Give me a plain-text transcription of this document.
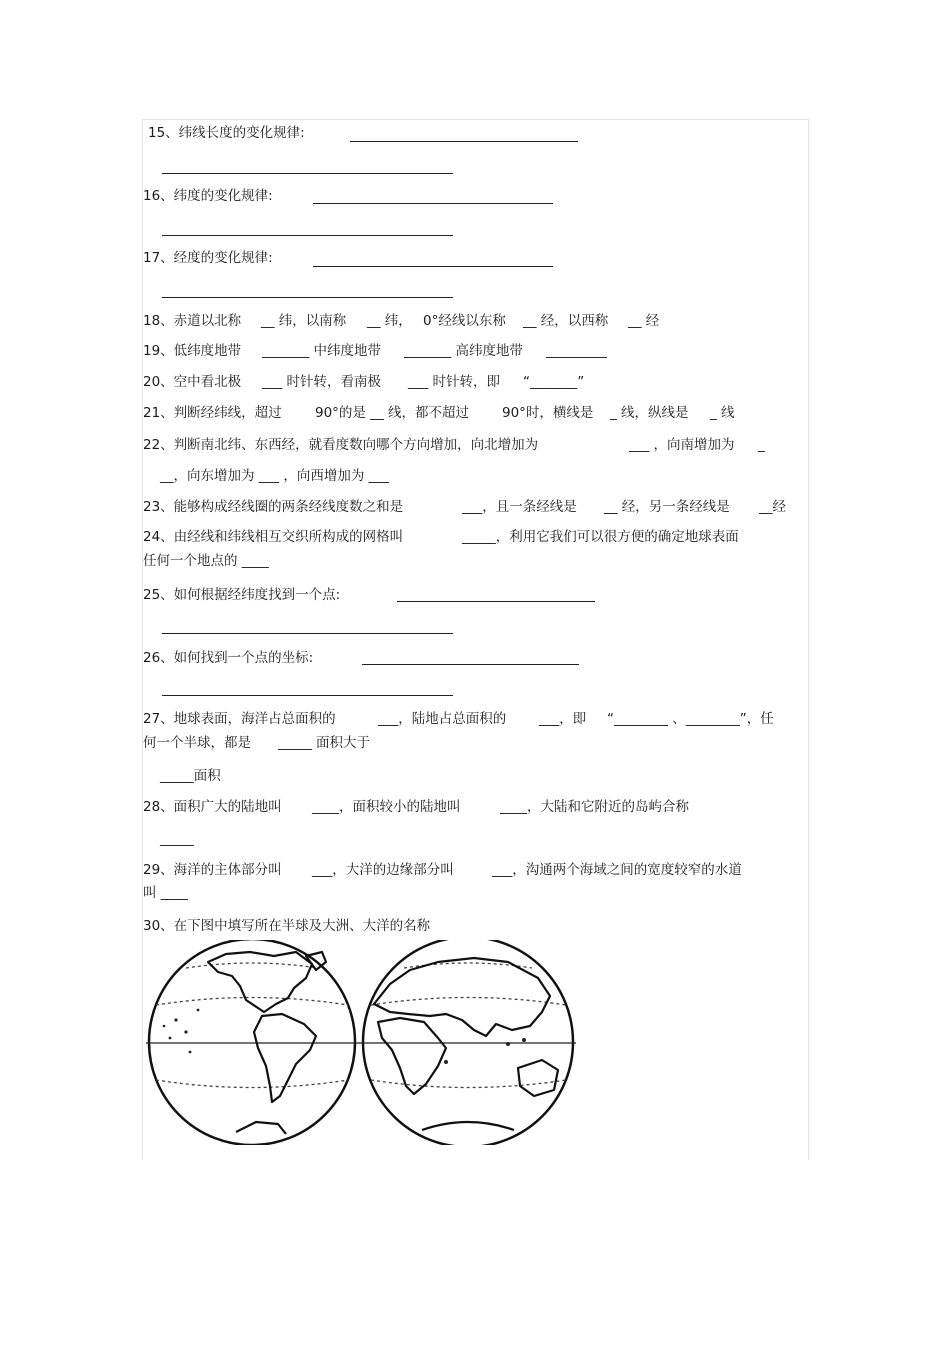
15、纬线长度的变化规律:
16、纬度的变化规律:
17、经度的变化规律:
18、赤道以北称 __ 纬，以南称 __ 纬， 0°经线以东称 __ 经，以西称 __ 经
19、低纬度地带 _______ 中纬度地带 _______ 高纬度地带 _________
20、空中看北极 ___ 时针转，看南极 ___ 时针转，即 “_______”
21、判断经纬线，超过 90°的是 __ 线，都不超过 90°时，横线是 _ 线，纵线是 _ 线
22、判断南北纬、东西经，就看度数向哪个方向增加，向北增加为	___ ，向南增加为 _
__，向东增加为 ___ ，向西增加为 ___
23、能够构成经线圈的两条经线度数之和是	___，且一条经线是 __ 经，另一条经线是 __经
24、由经线和纬线相互交织所构成的网格叫	_____，利用它我们可以很方便的确定地球表面
任何一个地点的 ____
25、如何根据经纬度找到一个点:
26、如何找到一个点的坐标:
27、地球表面，海洋占总面积的	___，陆地占总面积的 ___，即 “________ 、________”，任
何一个半球，都是 _____ 面积大于
_____面积
28、面积广大的陆地叫 ____，面积较小的陆地叫	____，大陆和它附近的岛屿合称
_____
29、海洋的主体部分叫 ___，大洋的边缘部分叫	___，沟通两个海域之间的宽度较窄的水道
叫 ____
30、在下图中填写所在半球及大洲、大洋的名称
